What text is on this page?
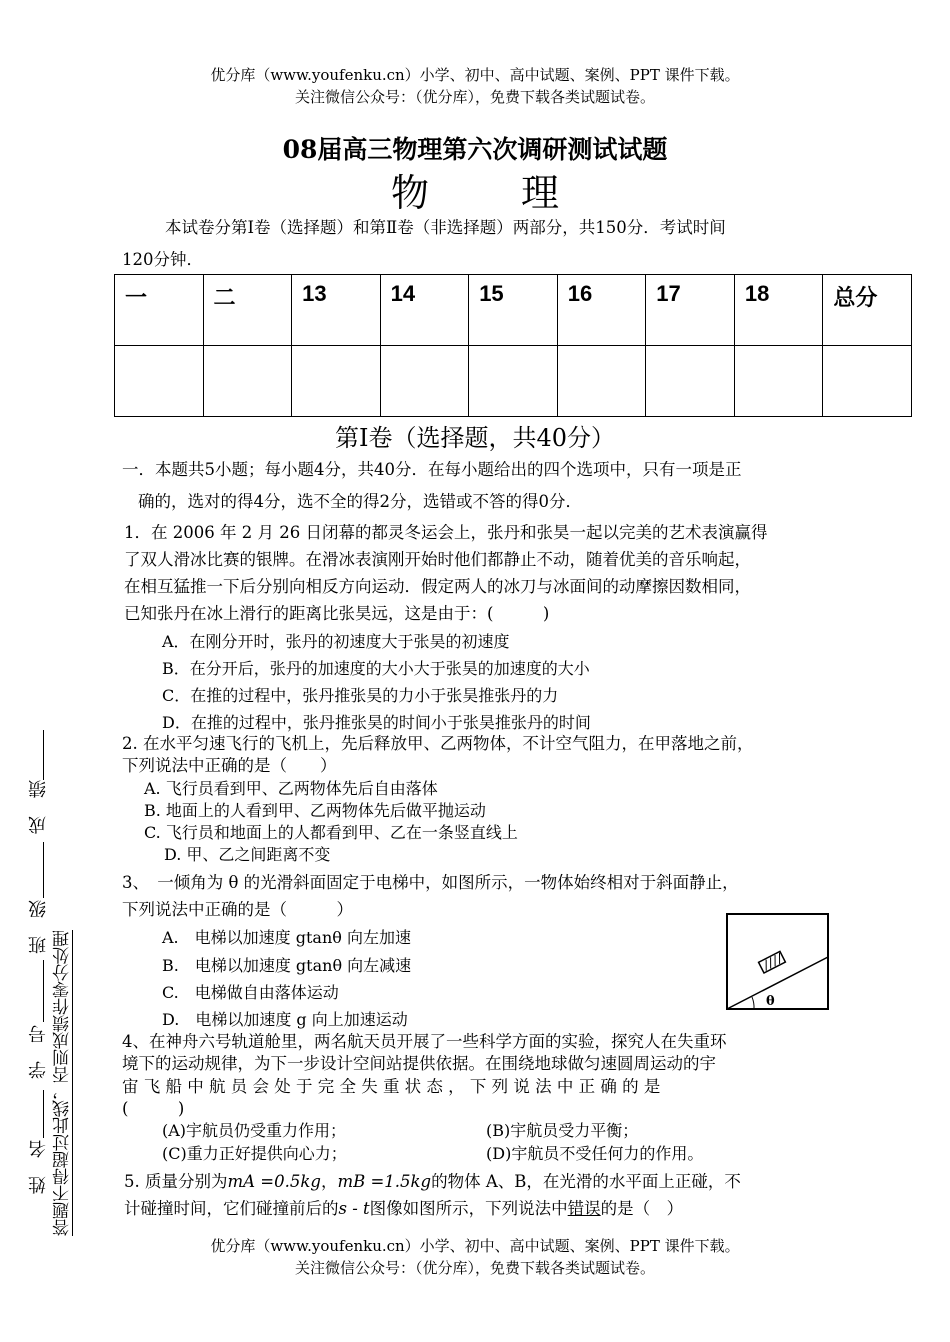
优分库（www.youfenku.cn）小学、初中、高中试题、案例、PPT 课件下载。
关注微信公众号：（优分库），免费下载各类试题试卷。
08届高三物理第六次调研测试试题
物 理
本试卷分第Ⅰ卷（选择题）和第Ⅱ卷（非选择题）两部分，共150分．考试时间
120分钟．
一	二	13	14	15	16	17	18	总分

第I卷（选择题，共40分）
一．本题共5小题；每小题4分，共40分．在每小题给出的四个选项中，只有一项是正
确的，选对的得4分，选不全的得2分，选错或不答的得0分．
1．在 2006 年 2 月 26 日闭幕的都灵冬运会上，张丹和张昊一起以完美的艺术表演赢得
了双人滑冰比赛的银牌。在滑冰表演刚开始时他们都静止不动，随着优美的音乐响起，
在相互猛推一下后分别向相反方向运动．假定两人的冰刀与冰面间的动摩擦因数相同，
已知张丹在冰上滑行的距离比张昊远，这是由于：(　　　)
A．在刚分开时，张丹的初速度大于张昊的初速度
B．在分开后，张丹的加速度的大小大于张昊的加速度的大小
C．在推的过程中，张丹推张昊的力小于张昊推张丹的力
D．在推的过程中，张丹推张昊的时间小于张昊推张丹的时间
2. 在水平匀速飞行的飞机上，先后释放甲、乙两物体，不计空气阻力，在甲落地之前，
下列说法中正确的是（　　）
A. 飞行员看到甲、乙两物体先后自由落体
B. 地面上的人看到甲、乙两物体先后做平抛运动
C. 飞行员和地面上的人都看到甲、乙在一条竖直线上
D. 甲、乙之间距离不变
3、　一倾角为 θ 的光滑斜面固定于电梯中，如图所示，一物体始终相对于斜面静止，
下列说法中正确的是（　　　）
A.　电梯以加速度 gtanθ 向左加速
B.　电梯以加速度 gtanθ 向左减速
C.　电梯做自由落体运动
D.　电梯以加速度 g 向上加速运动
θ
4、在神舟六号轨道舱里，两名航天员开展了一些科学方面的实验，探究人在失重环
境下的运动规律，为下一步设计空间站提供依据。在围绕地球做匀速圆周运动的宇
宙 飞 船 中 航 员 会 处 于 完 全 失 重 状 态 ， 下 列 说 法 中 正 确 的 是
(　　　)
(A)宇航员仍受重力作用；	(B)宇航员受力平衡；
(C)重力正好提供向心力；	(D)宇航员不受任何力的作用。
5. 质量分别为mA =0.5kg，mB =1.5kg的物体 A、B，在光滑的水平面上正碰，不
计碰撞时间，它们碰撞前后的s - t图像如图所示，下列说法中错误的是（　）
姓　名
学　号
班　级
成　绩
答题不得超过此线，否则成绩作零分处理
优分库（www.youfenku.cn）小学、初中、高中试题、案例、PPT 课件下载。
关注微信公众号：（优分库），免费下载各类试题试卷。
